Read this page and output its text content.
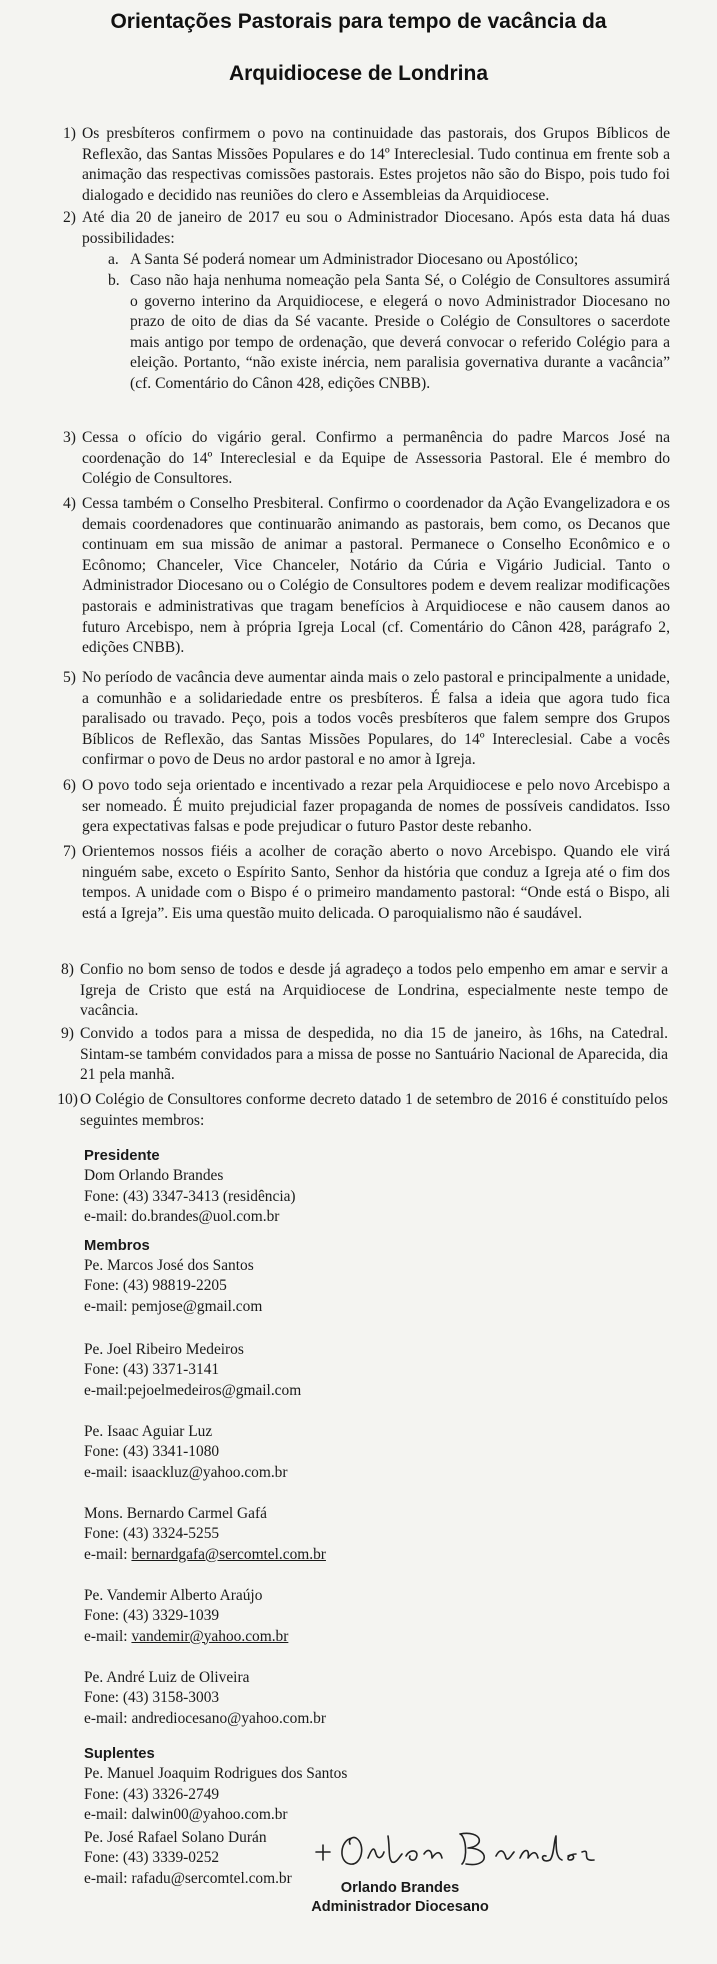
Orientações Pastorais para tempo de vacância da
Arquidiocese de Londrina
1) Os presbíteros confirmem o povo na continuidade das pastorais, dos Grupos Bíblicos de Reflexão, das Santas Missões Populares e do 14º Intereclesial. Tudo continua em frente sob a animação das respectivas comissões pastorais. Estes projetos não são do Bispo, pois tudo foi dialogado e decidido nas reuniões do clero e Assembleias da Arquidiocese.
2) Até dia 20 de janeiro de 2017 eu sou o Administrador Diocesano. Após esta data há duas possibilidades:
a. A Santa Sé poderá nomear um Administrador Diocesano ou Apostólico;
b. Caso não haja nenhuma nomeação pela Santa Sé, o Colégio de Consultores assumirá o governo interino da Arquidiocese, e elegerá o novo Administrador Diocesano no prazo de oito de dias da Sé vacante. Preside o Colégio de Consultores o sacerdote mais antigo por tempo de ordenação, que deverá convocar o referido Colégio para a eleição. Portanto, “não existe inércia, nem paralisia governativa durante a vacância” (cf. Comentário do Cânon 428, edições CNBB).
3) Cessa o ofício do vigário geral. Confirmo a permanência do padre Marcos José na coordenação do 14º Intereclesial e da Equipe de Assessoria Pastoral. Ele é membro do Colégio de Consultores.
4) Cessa também o Conselho Presbiteral. Confirmo o coordenador da Ação Evangelizadora e os demais coordenadores que continuarão animando as pastorais, bem como, os Decanos que continuam em sua missão de animar a pastoral. Permanece o Conselho Econômico e o Ecônomo; Chanceler, Vice Chanceler, Notário da Cúria e Vigário Judicial. Tanto o Administrador Diocesano ou o Colégio de Consultores podem e devem realizar modificações pastorais e administrativas que tragam benefícios à Arquidiocese e não causem danos ao futuro Arcebispo, nem à própria Igreja Local (cf. Comentário do Cânon 428, parágrafo 2, edições CNBB).
5) No período de vacância deve aumentar ainda mais o zelo pastoral e principalmente a unidade, a comunhão e a solidariedade entre os presbíteros. É falsa a ideia que agora tudo fica paralisado ou travado. Peço, pois a todos vocês presbíteros que falem sempre dos Grupos Bíblicos de Reflexão, das Santas Missões Populares, do 14º Intereclesial. Cabe a vocês confirmar o povo de Deus no ardor pastoral e no amor à Igreja.
6) O povo todo seja orientado e incentivado a rezar pela Arquidiocese e pelo novo Arcebispo a ser nomeado. É muito prejudicial fazer propaganda de nomes de possíveis candidatos. Isso gera expectativas falsas e pode prejudicar o futuro Pastor deste rebanho.
7) Orientemos nossos fiéis a acolher de coração aberto o novo Arcebispo. Quando ele virá ninguém sabe, exceto o Espírito Santo, Senhor da história que conduz a Igreja até o fim dos tempos. A unidade com o Bispo é o primeiro mandamento pastoral: “Onde está o Bispo, ali está a Igreja”. Eis uma questão muito delicada. O paroquialismo não é saudável.
8) Confio no bom senso de todos e desde já agradeço a todos pelo empenho em amar e servir a Igreja de Cristo que está na Arquidiocese de Londrina, especialmente neste tempo de vacância.
9) Convido a todos para a missa de despedida, no dia 15 de janeiro, às 16hs, na Catedral. Sintam-se também convidados para a missa de posse no Santuário Nacional de Aparecida, dia 21 pela manhã.
10) O Colégio de Consultores conforme decreto datado 1 de setembro de 2016 é constituído pelos seguintes membros:
Presidente
Dom Orlando Brandes
Fone: (43) 3347-3413 (residência)
e-mail: do.brandes@uol.com.br
Membros
Pe. Marcos José dos Santos
Fone: (43) 98819-2205
e-mail: pemjose@gmail.com
Pe. Joel Ribeiro Medeiros
Fone: (43) 3371-3141
e-mail:pejoelmedeiros@gmail.com
Pe. Isaac Aguiar Luz
Fone: (43) 3341-1080
e-mail: isaackluz@yahoo.com.br
Mons. Bernardo Carmel Gafá
Fone: (43) 3324-5255
e-mail: bernardgafa@sercomtel.com.br
Pe. Vandemir Alberto Araújo
Fone: (43) 3329-1039
e-mail: vandemir@yahoo.com.br
Pe. André Luiz de Oliveira
Fone: (43) 3158-3003
e-mail: andrediocesano@yahoo.com.br
Suplentes
Pe. Manuel Joaquim Rodrigues dos Santos
Fone: (43) 3326-2749
e-mail: dalwin00@yahoo.com.br
Pe. José Rafael Solano Durán
Fone: (43) 3339-0252
e-mail: rafadu@sercomtel.com.br
Orlando Brandes
Administrador Diocesano
